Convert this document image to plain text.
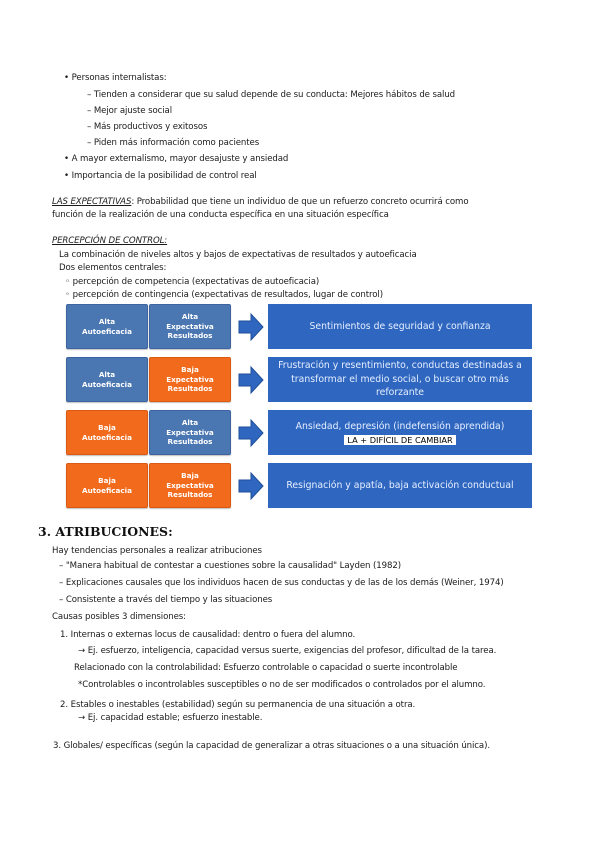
• Personas internalistas:
– Tienden a considerar que su salud depende de su conducta: Mejores hábitos de salud
– Mejor ajuste social
– Más productivos y exitosos
– Piden más información como pacientes
• A mayor externalismo, mayor desajuste y ansiedad
• Importancia de la posibilidad de control real
LAS EXPECTATIVAS: Probabilidad que tiene un individuo de que un refuerzo concreto ocurrirá como
función de la realización de una conducta específica en una situación específica
PERCEPCIÓN DE CONTROL:
La combinación de niveles altos y bajos de expectativas de resultados y autoeficacia
Dos elementos centrales:
◦ percepción de competencia (expectativas de autoeficacia)
◦ percepción de contingencia (expectativas de resultados, lugar de control)
Alta
Autoeficacia
Alta
Expectativa
Resultados
Sentimientos de seguridad y confianza
Alta
Autoeficacia
Baja
Expectativa
Resultados
Frustración y resentimiento, conductas destinadas a transformar el medio social, o buscar otro más reforzante
Baja
Autoeficacia
Alta
Expectativa
Resultados
Ansiedad, depresión (indefensión aprendida)
LA + DIFÍCIL DE CAMBIAR
Baja
Autoeficacia
Baja
Expectativa
Resultados
Resignación y apatía, baja activación conductual
3. ATRIBUCIONES:
Hay tendencias personales a realizar atribuciones
– "Manera habitual de contestar a cuestiones sobre la causalidad" Layden (1982)
– Explicaciones causales que los individuos hacen de sus conductas y de las de los demás (Weiner, 1974)
– Consistente a través del tiempo y las situaciones
Causas posibles 3 dimensiones:
1. Internas o externas locus de causalidad: dentro o fuera del alumno.
→ Ej. esfuerzo, inteligencia, capacidad versus suerte, exigencias del profesor, dificultad de la tarea.
Relacionado con la controlabilidad: Esfuerzo controlable o capacidad o suerte incontrolable
*Controlables o incontrolables susceptibles o no de ser modificados o controlados por el alumno.
2. Estables o inestables (estabilidad) según su permanencia de una situación a otra.
→ Ej. capacidad estable; esfuerzo inestable.
3. Globales/ específicas (según la capacidad de generalizar a otras situaciones o a una situación única).
